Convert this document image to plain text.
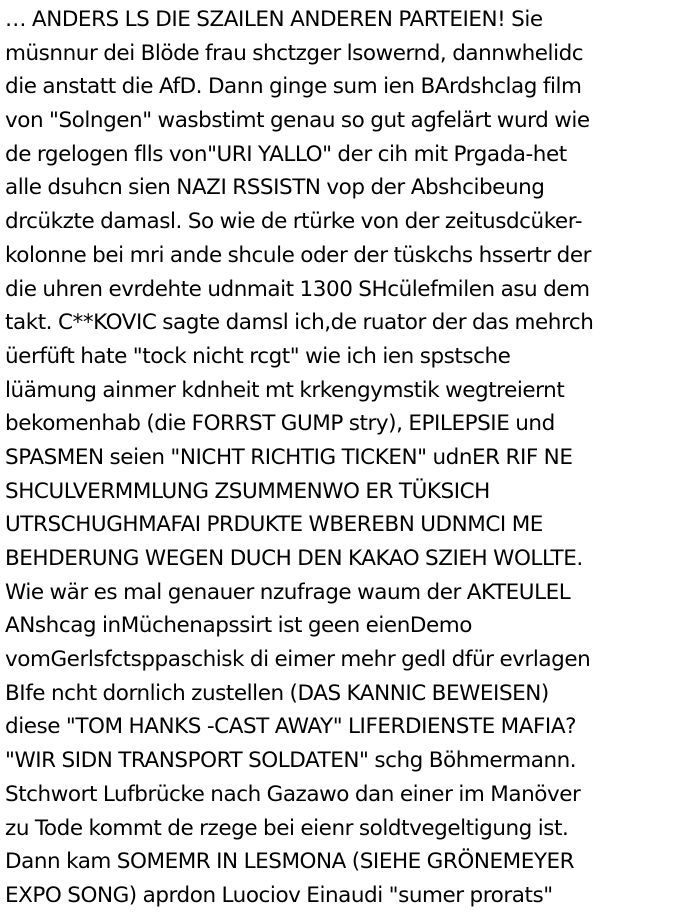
… ANDERS LS DIE SZAILEN ANDEREN PARTEIEN! Sie
müsnnur dei Blöde frau shctzger lsowernd, dannwhelidc
die anstatt die AfD. Dann ginge sum ien BArdshclag film
von "Solngen" wasbstimt genau so gut agfelärt wurd wie
de rgelogen flls von"URI YALLO" der cih mit Prgada-het
alle dsuhcn sien NAZI RSSISTN vop der Abshcibeung
drcükzte damasl. So wie de rtürke von der zeitusdcüker-
kolonne bei mri ande shcule oder der tüskchs hssertr der
die uhren evrdehte udnmait 1300 SHcülefmilen asu dem
takt. C**KOVIC sagte damsl ich,de ruator der das mehrch
üerfüft hate "tock nicht rcgt" wie ich ien spstsche
lüämung ainmer kdnheit mt krkengymstik wegtreiernt
bekomenhab (die FORRST GUMP stry), EPILEPSIE und
SPASMEN seien "NICHT RICHTIG TICKEN" udnER RIF NE
SHCULVERMMLUNG ZSUMMENWO ER TÜKSICH
UTRSCHUGHMAFAI PRDUKTE WBEREBN UDNMCI ME
BEHDERUNG WEGEN DUCH DEN KAKAO SZIEH WOLLTE.
Wie wär es mal genauer nzufrage waum der AKTEULEL
ANshcag inMüchenapssirt ist geen eienDemo
vomGerlsfctsppaschisk di eimer mehr gedl dfür evrlagen
BIfe ncht dornlich zustellen (DAS KANNIC BEWEISEN)
diese "TOM HANKS -CAST AWAY" LIFERDIENSTE MAFIA?
"WIR SIDN TRANSPORT SOLDATEN" schg Böhmermann.
Stchwort Lufbrücke nach Gazawo dan einer im Manöver
zu Tode kommt de rzege bei eienr soldtvegeltigung ist.
Dann kam SOMEMR IN LESMONA (SIEHE GRÖNEMEYER
EXPO SONG) aprdon Luociov Einaudi "sumer prorats"
